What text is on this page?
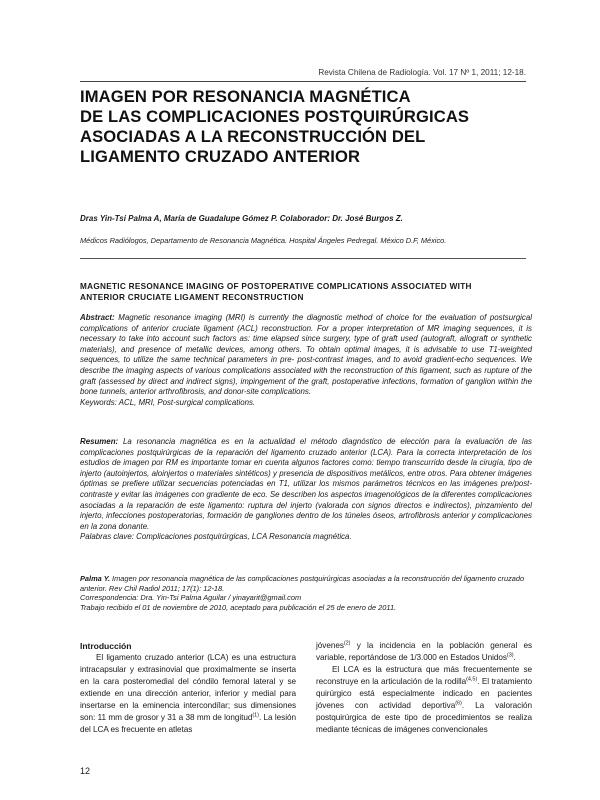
Revista Chilena de Radiología. Vol. 17 Nº 1, 2011; 12-18.
IMAGEN POR RESONANCIA MAGNÉTICA
DE LAS COMPLICACIONES POSTQUIRÚRGICAS
ASOCIADAS A LA RECONSTRUCCIÓN DEL
LIGAMENTO CRUZADO ANTERIOR
Dras Yin-Tsi Palma A, María de Guadalupe Gómez P. Colaborador: Dr. José Burgos Z.
Médicos Radiólogos, Departamento de Resonancia Magnética. Hospital Ángeles Pedregal. México D.F, México.
MAGNETIC RESONANCE IMAGING OF POSTOPERATIVE COMPLICATIONS ASSOCIATED WITH
ANTERIOR CRUCIATE LIGAMENT RECONSTRUCTION
Abstract: Magnetic resonance imaging (MRI) is currently the diagnostic method of choice for the evaluation of postsurgical complications of anterior cruciate ligament (ACL) reconstruction. For a proper interpretation of MR imaging sequences, it is necessary to take into account such factors as: time elapsed since surgery, type of graft used (autograft, allograft or synthetic materials), and presence of metallic devices, among others. To obtain optimal images, it is advisable to use T1-weighted sequences, to utilize the same technical parameters in pre- post-contrast images, and to avoid gradient-echo sequences. We describe the imaging aspects of various complications associated with the reconstruction of this ligament, such as rupture of the graft (assessed by direct and indirect signs), impingement of the graft, postoperative infections, formation of ganglion within the bone tunnels, anterior arthrofibrosis, and donor-site complications.
Keywords: ACL, MRI, Post-surgical complications.
Resumen: La resonancia magnética es en la actualidad el método diagnóstico de elección para la evaluación de las complicaciones postquirúrgicas de la reparación del ligamento cruzado anterior (LCA). Para la correcta interpretación de los estudios de imagen por RM es importante tomar en cuenta algunos factores como: tiempo transcurrido desde la cirugía, tipo de injerto (autoinjertos, aloinjertos o materiales sintéticos) y presencia de dispositivos metálicos, entre otros. Para obtener imágenes óptimas se prefiere utilizar secuencias potenciadas en T1, utilizar los mismos parámetros técnicos en las imágenes pre/post-contraste y evitar las imágenes con gradiente de eco. Se describen los aspectos imagenológicos de la diferentes complicaciones asociadas a la reparación de este ligamento: ruptura del injerto (valorada con signos directos e indirectos), pinzamiento del injerto, infecciones postoperatorias, formación de gangliones dentro de los túneles óseos, artrofibrosis anterior y complicaciones en la zona donante.
Palabras clave: Complicaciones postquirúrgicas, LCA Resonancia magnética.
Palma Y. Imagen por resonancia magnética de las complicaciones postquirúrgicas asociadas a la reconstrucción del ligamento cruzado anterior. Rev Chil Radiol 2011; 17(1): 12-18.
Correspondencia: Dra. Yin-Tsi Palma Aguilar / yinayarit@gmail.com
Trabajo recibido el 01 de noviembre de 2010, aceptado para publicación el 25 de enero de 2011.
Introducción

El ligamento cruzado anterior (LCA) es una estructura intracapsular y extrasinovial que proximalmente se inserta en la cara posteromedial del cóndilo femoral lateral y se extiende en una dirección anterior, inferior y medial para insertarse en la eminencia intercondílar; sus dimensiones son: 11 mm de grosor y 31 a 38 mm de longitud$^{(1)}$. La lesión del LCA es frecuente en atletas

jóvenes$^{(2)}$ y la incidencia en la población general es variable, reportándose de 1/3.000 en Estados Unidos$^{(3)}$.

El LCA es la estructura que más frecuentemente se reconstruye en la articulación de la rodilla$^{(4,5)}$. El tratamiento quirúrgico está especialmente indicado en pacientes jóvenes con actividad deportiva$^{(6)}$. La valoración postquirúrgica de este tipo de procedimientos se realiza mediante técnicas de imágenes convencionales

12
